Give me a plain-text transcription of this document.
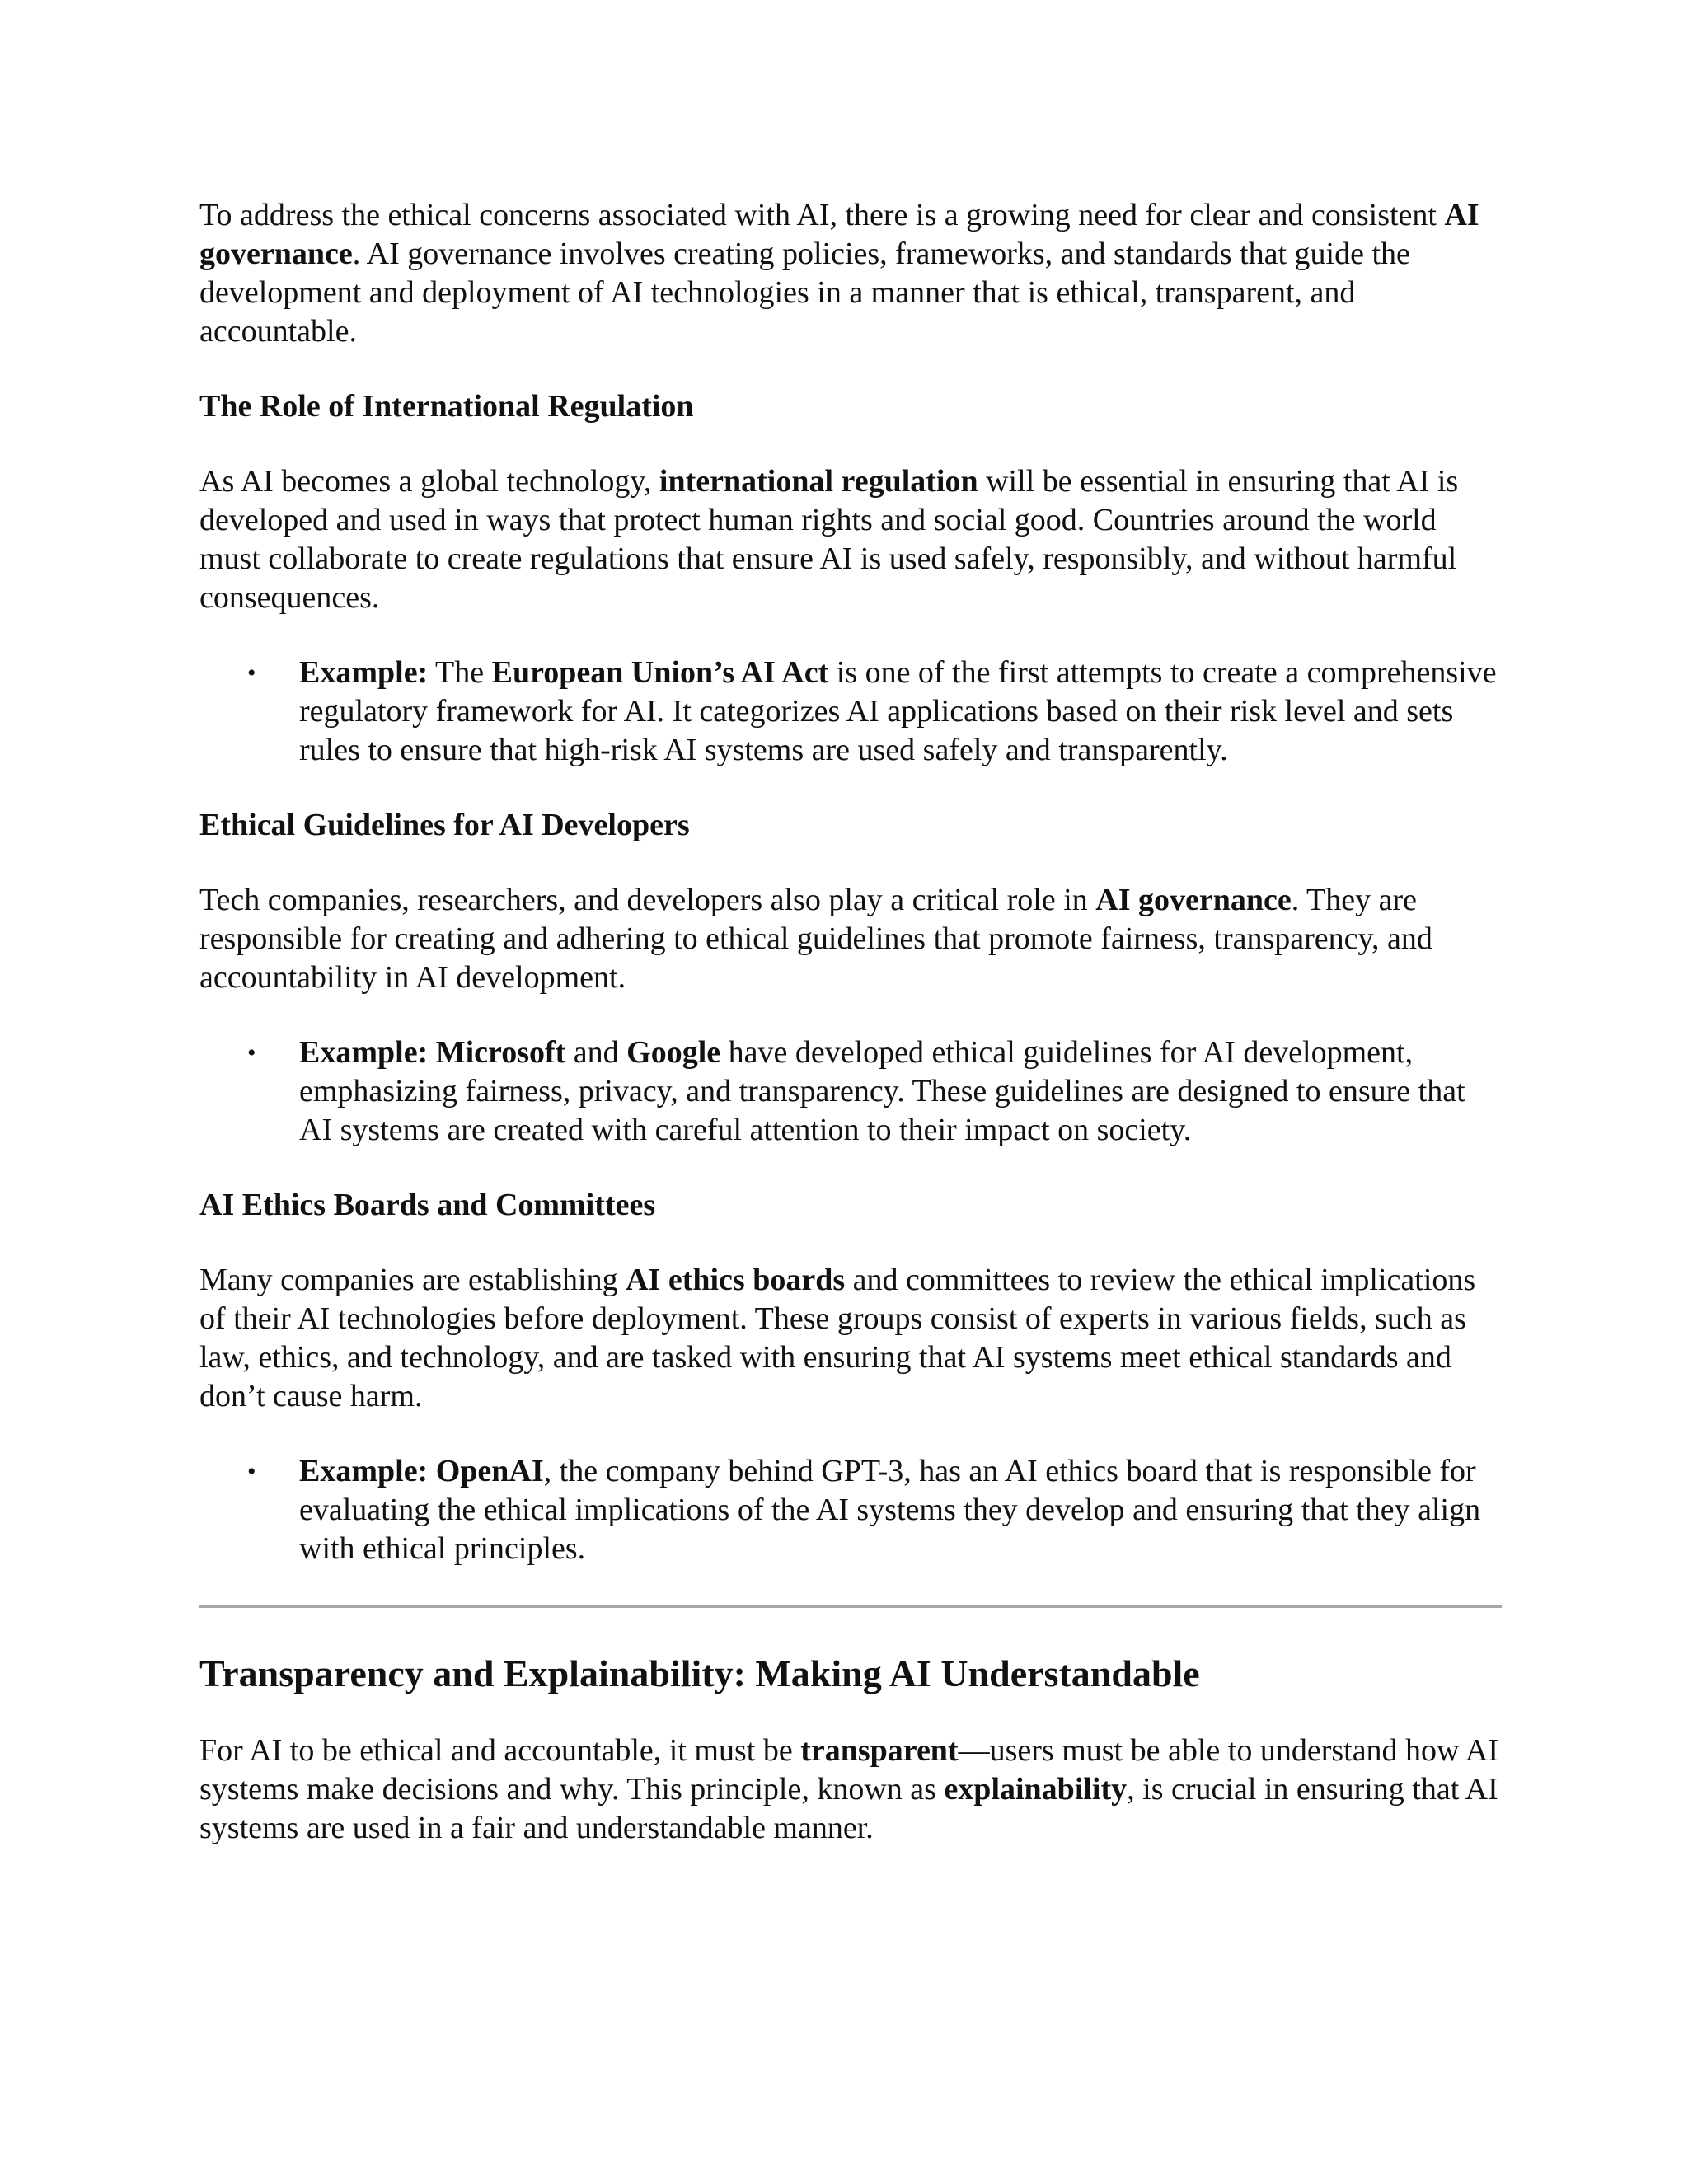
To address the ethical concerns associated with AI, there is a growing need for clear and consistent AI governance. AI governance involves creating policies, frameworks, and standards that guide the development and deployment of AI technologies in a manner that is ethical, transparent, and accountable.

The Role of International Regulation

As AI becomes a global technology, international regulation will be essential in ensuring that AI is developed and used in ways that protect human rights and social good. Countries around the world must collaborate to create regulations that ensure AI is used safely, responsibly, and without harmful consequences.

• Example: The European Union’s AI Act is one of the first attempts to create a comprehensive regulatory framework for AI. It categorizes AI applications based on their risk level and sets rules to ensure that high-risk AI systems are used safely and transparently.
Ethical Guidelines for AI Developers

Tech companies, researchers, and developers also play a critical role in AI governance. They are responsible for creating and adhering to ethical guidelines that promote fairness, transparency, and accountability in AI development.

• Example: Microsoft and Google have developed ethical guidelines for AI development, emphasizing fairness, privacy, and transparency. These guidelines are designed to ensure that AI systems are created with careful attention to their impact on society.
AI Ethics Boards and Committees

Many companies are establishing AI ethics boards and committees to review the ethical implications of their AI technologies before deployment. These groups consist of experts in various fields, such as law, ethics, and technology, and are tasked with ensuring that AI systems meet ethical standards and don’t cause harm.

• Example: OpenAI, the company behind GPT-3, has an AI ethics board that is responsible for evaluating the ethical implications of the AI systems they develop and ensuring that they align with ethical principles.
Transparency and Explainability: Making AI Understandable

For AI to be ethical and accountable, it must be transparent—users must be able to understand how AI systems make decisions and why. This principle, known as explainability, is crucial in ensuring that AI systems are used in a fair and understandable manner.
